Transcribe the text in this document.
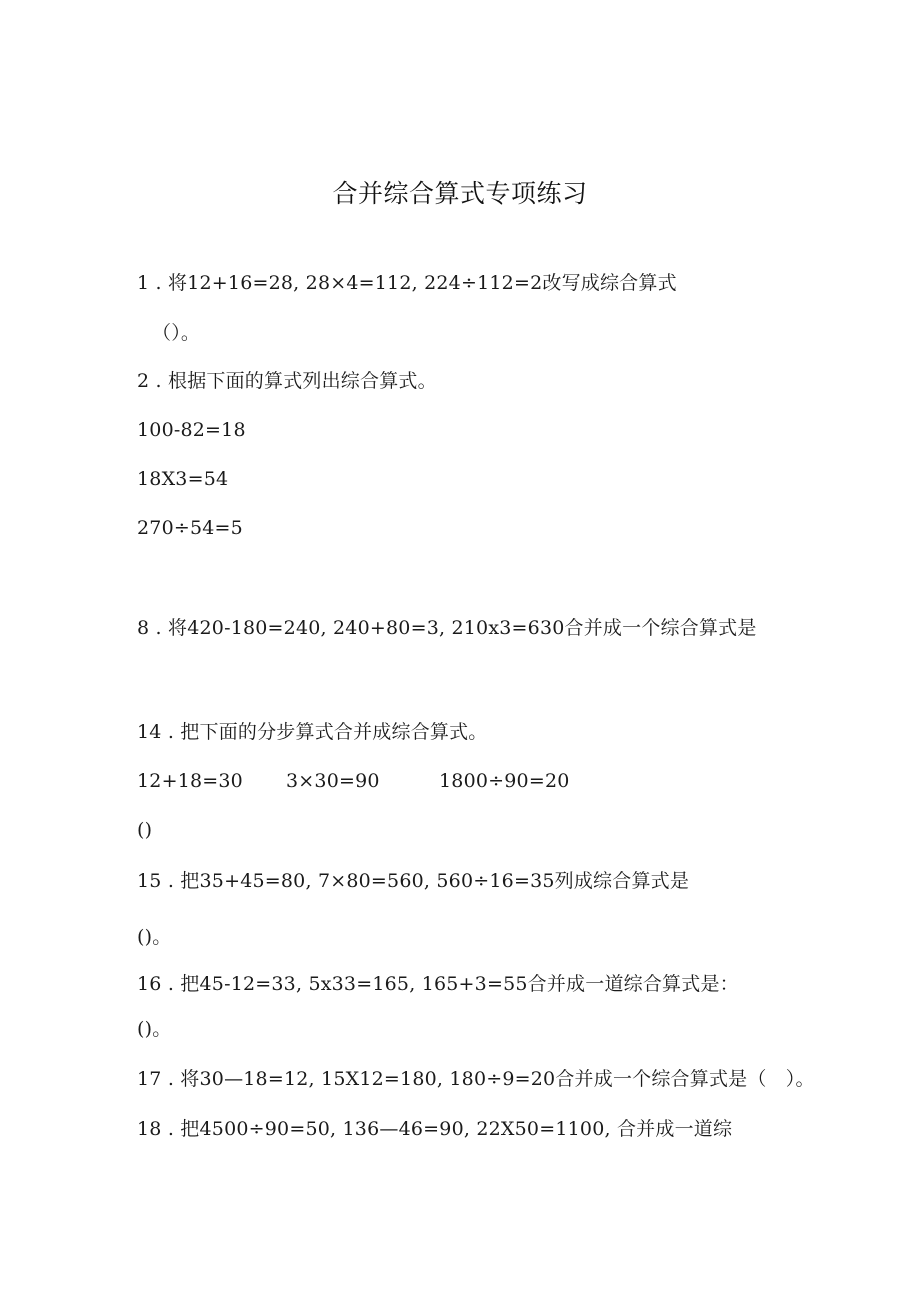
合并综合算式专项练习
1 . 将12+16=28, 28×4=112, 224÷112=2改写成综合算式
（）。
2 . 根据下面的算式列出综合算式。
100-82=18
18X3=54
270÷54=5
8 . 将420-180=240, 240+80=3, 210x3=630合并成一个综合算式是
14 . 把下面的分步算式合并成综合算式。
12+18=30 3×30=90	1800÷90=20
()
15 . 把35+45=80, 7×80=560, 560÷16=35列成综合算式是
()。
16 . 把45-12=33, 5x33=165, 165+3=55合并成一道综合算式是：
()。
17 . 将30—18=12, 15X12=180, 180÷9=20合并成一个综合算式是（　）。
18 . 把4500÷90=50, 136—46=90, 22X50=1100, 合并成一道综
